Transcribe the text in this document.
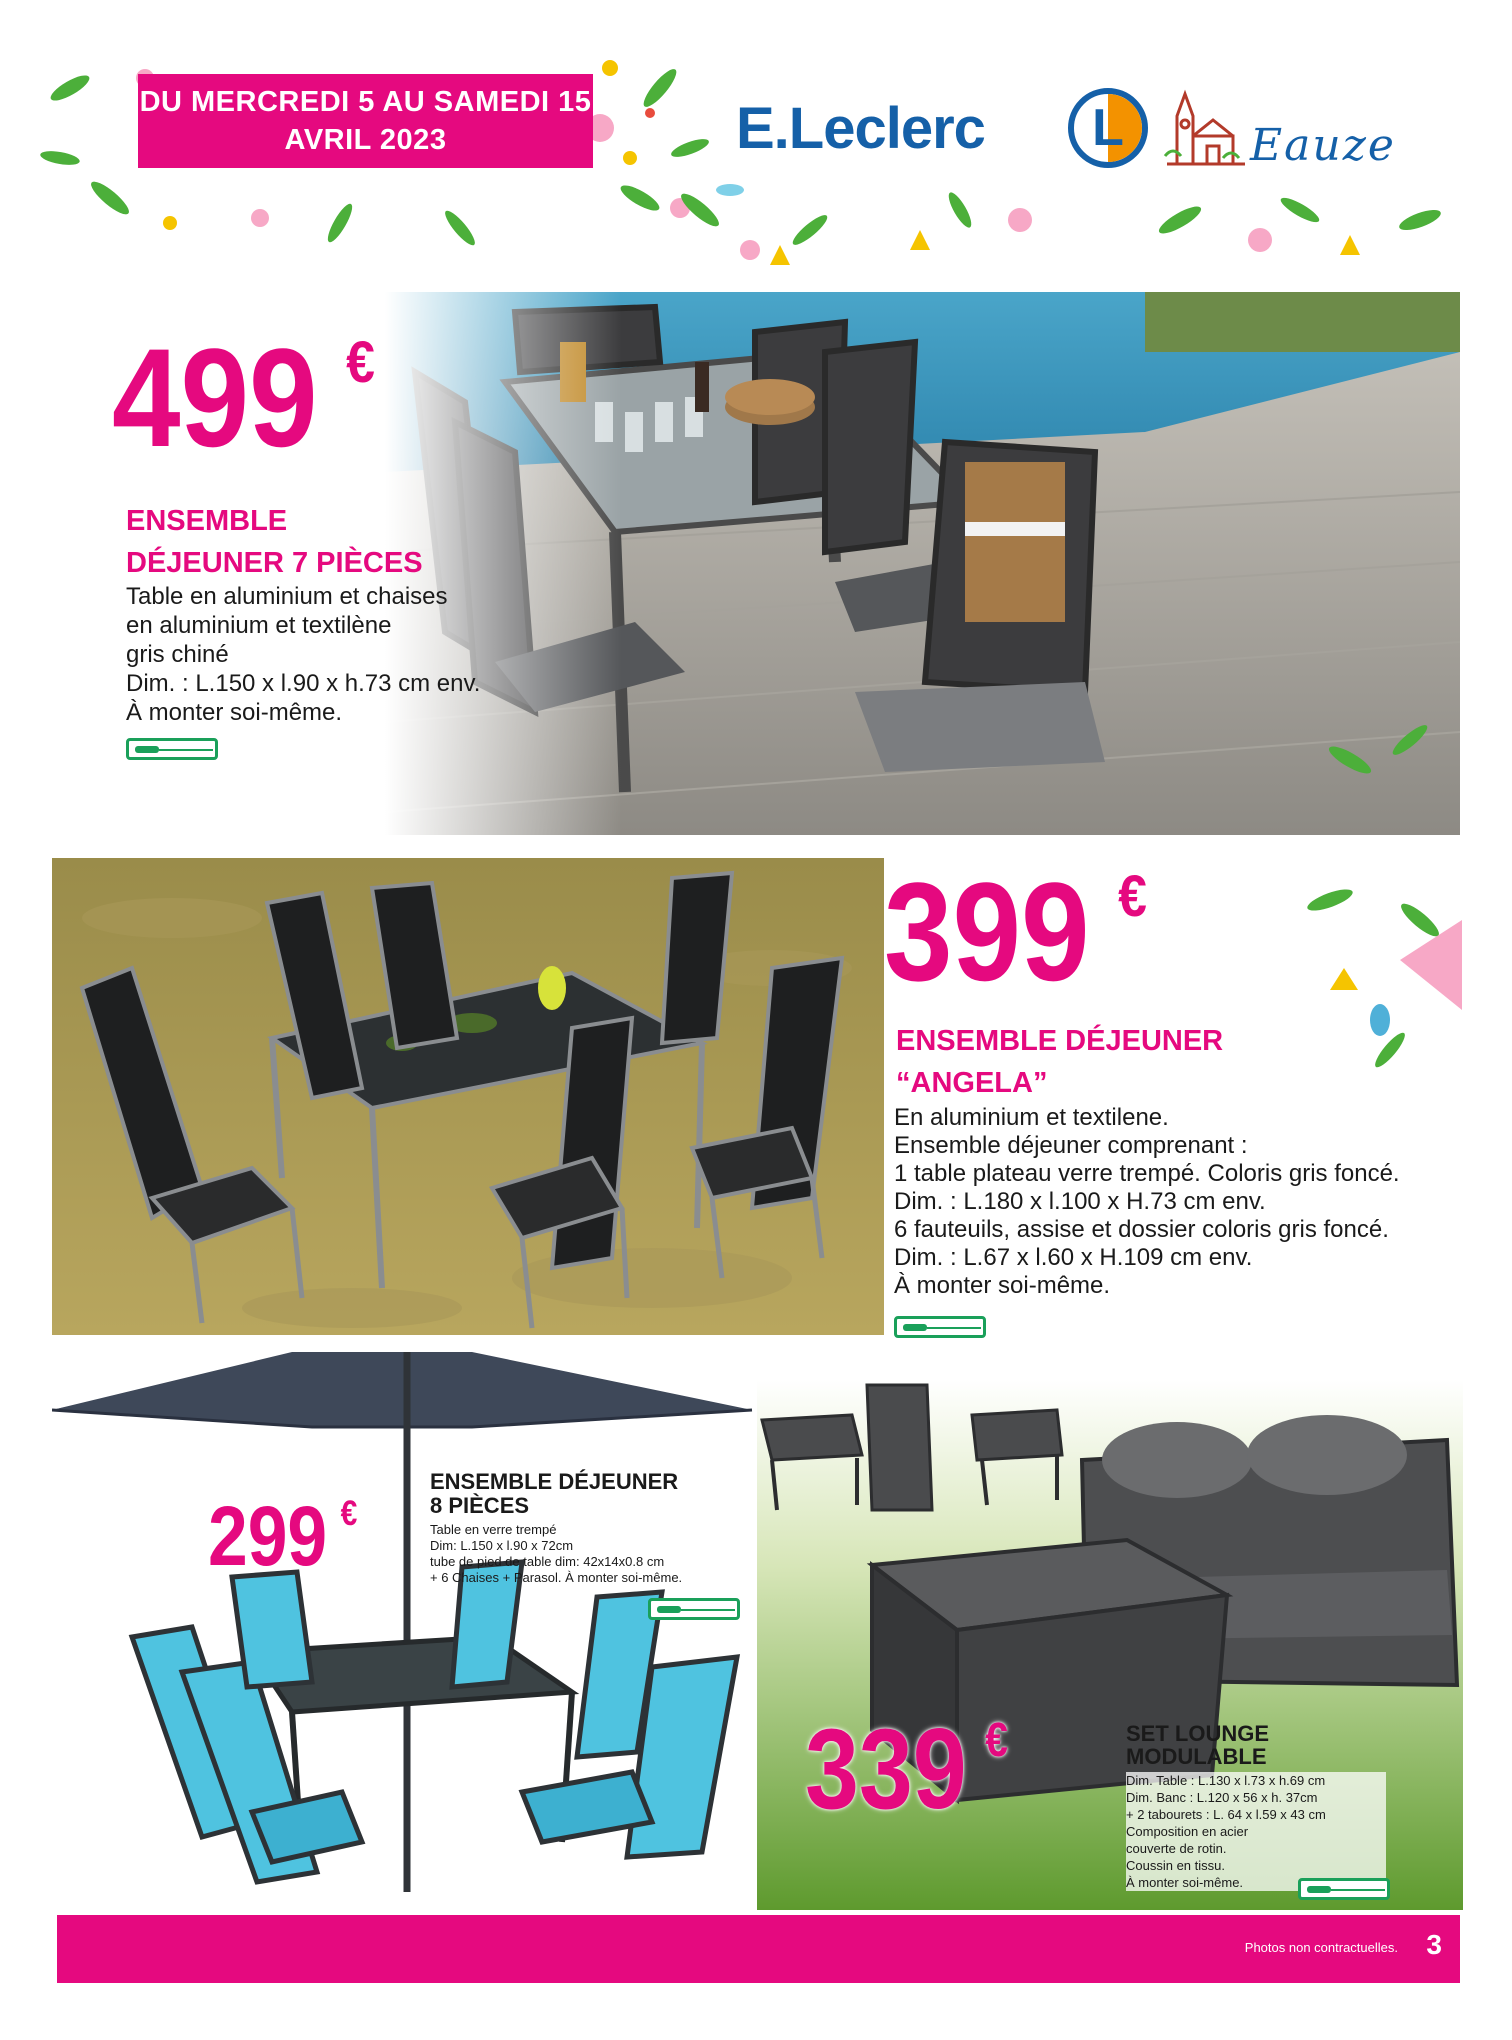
DU MERCREDI 5 AU SAMEDI 15 AVRIL 2023	E.Leclerc	L	Eauze
499 €
ENSEMBLE
DÉJEUNER 7 PIÈCES
Table en aluminium et chaises
en aluminium et textilène
gris chiné
Dim. : L.150 x l.90 x h.73 cm env.
À monter soi-même.
399 €
ENSEMBLE DÉJEUNER
“ANGELA”
En aluminium et textilene.
Ensemble déjeuner comprenant :
1 table plateau verre trempé. Coloris gris foncé.
Dim. : L.180 x l.100 x H.73 cm env.
6 fauteuils, assise et dossier coloris gris foncé.
Dim. : L.67 x l.60 x H.109 cm env.
À monter soi-même.
299 €
ENSEMBLE DÉJEUNER
8 PIÈCES
Table en verre trempé
Dim: L.150 x l.90 x 72cm
tube de pied de table dim: 42x14x0.8 cm
+ 6 Chaises + Parasol. À monter soi-même.
339 €	SET LOUNGE
MODULABLE
Dim. Table : L.130 x l.73 x h.69 cm
Dim. Banc : L.120 x 56 x h. 37cm
+ 2 tabourets : L. 64 x l.59 x 43 cm
Composition en acier
couverte de rotin.
Coussin en tissu.
À monter soi-même.
Photos non contractuelles. 3
